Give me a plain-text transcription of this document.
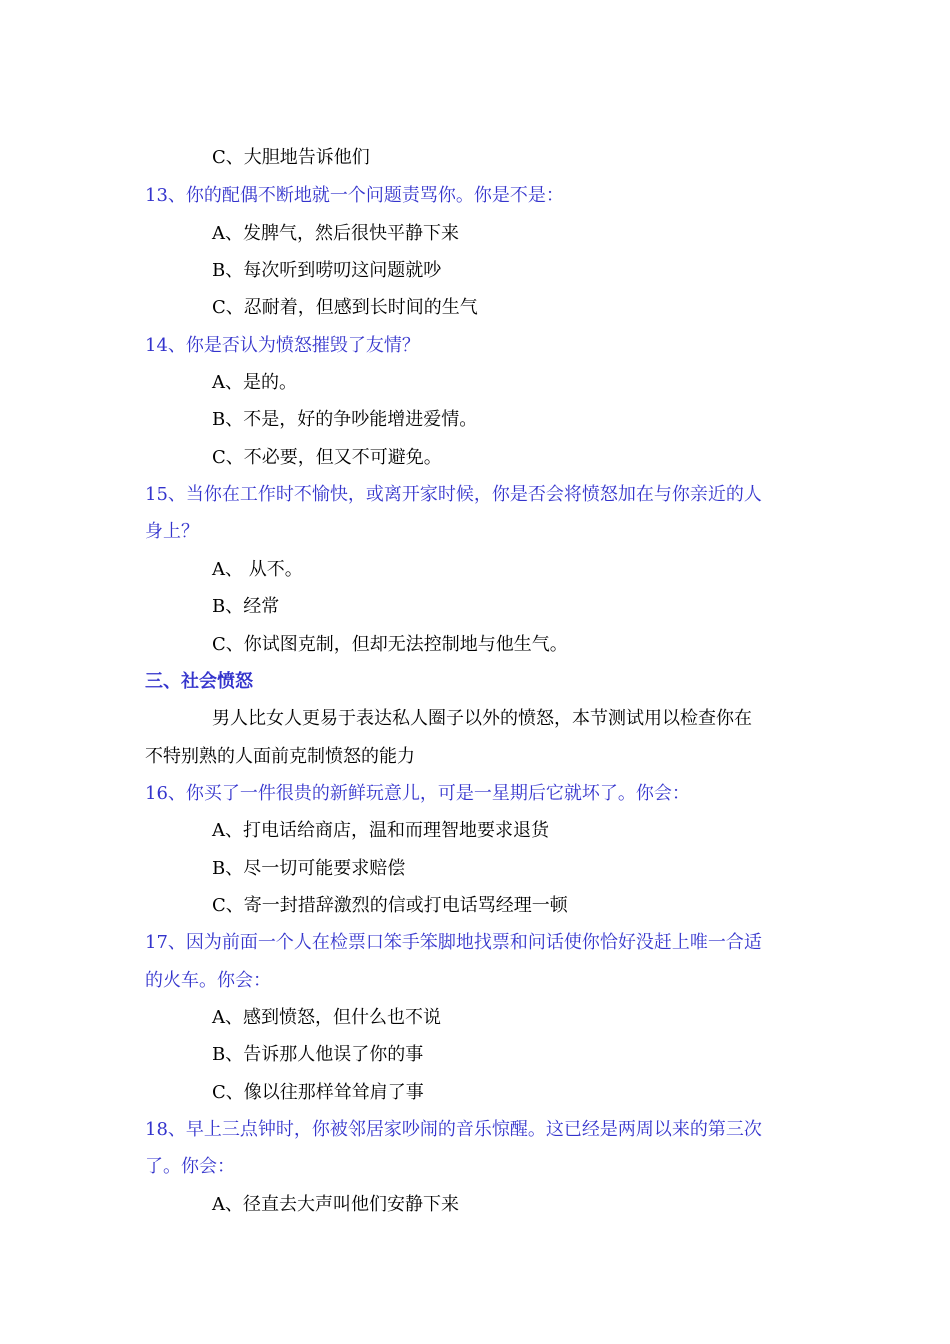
C、大胆地告诉他们
13、你的配偶不断地就一个问题责骂你。你是不是：
A、发脾气，然后很快平静下来
B、每次听到唠叨这问题就吵
C、忍耐着，但感到长时间的生气
14、你是否认为愤怒摧毁了友情？
A、是的。
B、不是，好的争吵能增进爱情。
C、不必要，但又不可避免。
15、当你在工作时不愉快，或离开家时候，你是否会将愤怒加在与你亲近的人
身上？
A、 从不。
B、经常
C、你试图克制，但却无法控制地与他生气。
三、社会愤怒
男人比女人更易于表达私人圈子以外的愤怒，本节测试用以检查你在
不特别熟的人面前克制愤怒的能力
16、你买了一件很贵的新鲜玩意儿，可是一星期后它就坏了。你会：
A、打电话给商店，温和而理智地要求退货
B、尽一切可能要求赔偿
C、寄一封措辞激烈的信或打电话骂经理一顿
17、因为前面一个人在检票口笨手笨脚地找票和问话使你恰好没赶上唯一合适
的火车。你会：
A、感到愤怒，但什么也不说
B、告诉那人他误了你的事
C、像以往那样耸耸肩了事
18、早上三点钟时，你被邻居家吵闹的音乐惊醒。这已经是两周以来的第三次
了。你会：
A、径直去大声叫他们安静下来
